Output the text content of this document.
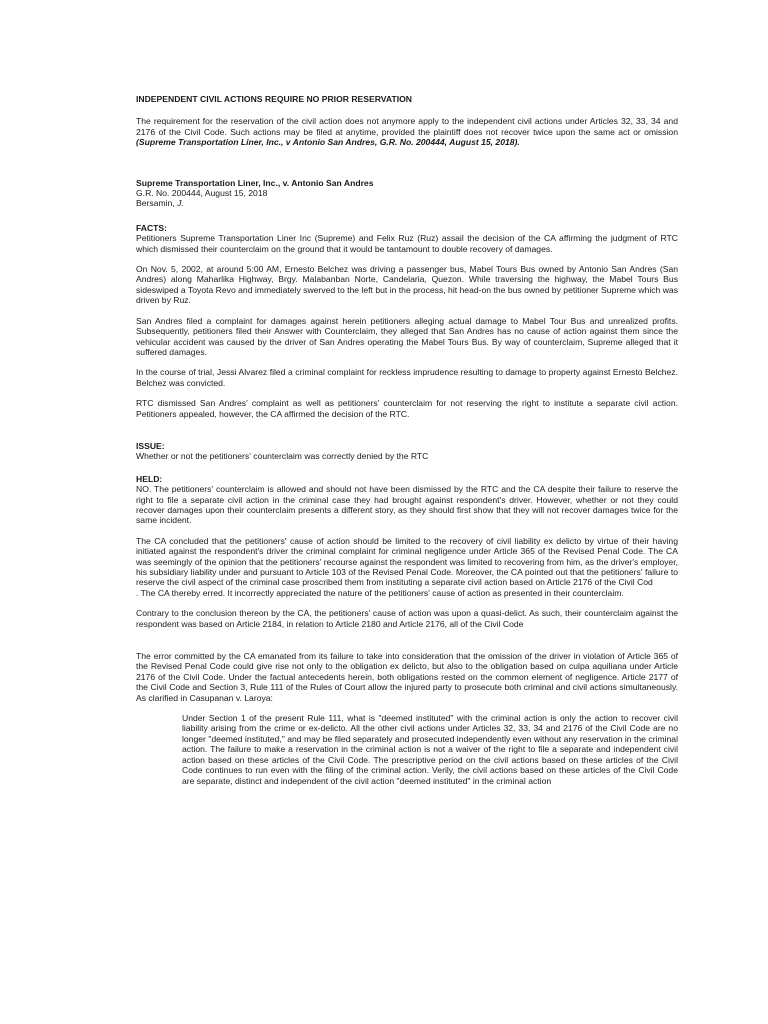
INDEPENDENT CIVIL ACTIONS REQUIRE NO PRIOR RESERVATION

The requirement for the reservation of the civil action does not anymore apply to the independent civil actions under Articles 32, 33, 34 and 2176 of the Civil Code. Such actions may be filed at anytime, provided the plaintiff does not recover twice upon the same act or omission (Supreme Transportation Liner, Inc., v Antonio San Andres, G.R. No. 200444, August 15, 2018).

Supreme Transportation Liner, Inc., v. Antonio San Andres
G.R. No. 200444, August 15, 2018
Bersamin, J.
FACTS:

Petitioners Supreme Transportation Liner Inc (Supreme) and Felix Ruz (Ruz) assail the decision of the CA affirming the judgment of RTC which dismissed their counterclaim on the ground that it would be tantamount to double recovery of damages.

On Nov. 5, 2002, at around 5:00 AM, Ernesto Belchez was driving a passenger bus, Mabel Tours Bus owned by Antonio San Andres (San Andres) along Maharlika Highway, Brgy. Malabanban Norte, Candelaria, Quezon. While traversing the highway, the Mabel Tours Bus sideswiped a Toyota Revo and immediately swerved to the left but in the process, hit head-on the bus owned by petitioner Supreme which was driven by Ruz.

San Andres filed a complaint for damages against herein petitioners alleging actual damage to Mabel Tour Bus and unrealized profits. Subsequently, petitioners filed their Answer with Counterclaim, they alleged that San Andres has no cause of action against them since the vehicular accident was caused by the driver of San Andres operating the Mabel Tours Bus. By way of counterclaim, Supreme alleged that it suffered damages.

In the course of trial, Jessi Alvarez filed a criminal complaint for reckless imprudence resulting to damage to property against Ernesto Belchez. Belchez was convicted.

RTC dismissed San Andres' complaint as well as petitioners' counterclaim for not reserving the right to institute a separate civil action. Petitioners appealed, however, the CA affirmed the decision of the RTC.

ISSUE:

Whether or not the petitioners' counterclaim was correctly denied by the RTC

HELD:

NO. The petitioners' counterclaim is allowed and should not have been dismissed by the RTC and the CA despite their failure to reserve the right to file a separate civil action in the criminal case they had brought against respondent's driver. However, whether or not they could recover damages upon their counterclaim presents a different story, as they should first show that they will not recover damages twice for the same incident.

The CA concluded that the petitioners' cause of action should be limited to the recovery of civil liability ex delicto by virtue of their having initiated against the respondent's driver the criminal complaint for criminal negligence under Article 365 of the Revised Penal Code. The CA was seemingly of the opinion that the petitioners' recourse against the respondent was limited to recovering from him, as the driver's employer, his subsidiary liability under and pursuant to Article 103 of the Revised Penal Code. Moreover, the CA pointed out that the petitioners' failure to reserve the civil aspect of the criminal case proscribed them from instituting a separate civil action based on Article 2176 of the Civil Cod

. The CA thereby erred. It incorrectly appreciated the nature of the petitioners' cause of action as presented in their counterclaim.

Contrary to the conclusion thereon by the CA, the petitioners' cause of action was upon a quasi-delict. As such, their counterclaim against the respondent was based on Article 2184, in relation to Article 2180 and Article 2176, all of the Civil Code

The error committed by the CA emanated from its failure to take into consideration that the omission of the driver in violation of Article 365 of the Revised Penal Code could give rise not only to the obligation ex delicto, but also to the obligation based on culpa aquiliana under Article 2176 of the Civil Code. Under the factual antecedents herein, both obligations rested on the common element of negligence. Article 2177 of the Civil Code and Section 3, Rule 111 of the Rules of Court allow the injured party to prosecute both criminal and civil actions simultaneously. As clarified in Casupanan v. Laroya:

Under Section 1 of the present Rule 111, what is "deemed instituted" with the criminal action is only the action to recover civil liability arising from the crime or ex-delicto. All the other civil actions under Articles 32, 33, 34 and 2176 of the Civil Code are no longer "deemed instituted," and may be filed separately and prosecuted independently even without any reservation in the criminal action. The failure to make a reservation in the criminal action is not a waiver of the right to file a separate and independent civil action based on these articles of the Civil Code. The prescriptive period on the civil actions based on these articles of the Civil Code continues to run even with the filing of the criminal action. Verily, the civil actions based on these articles of the Civil Code are separate, distinct and independent of the civil action "deemed instituted" in the criminal action
